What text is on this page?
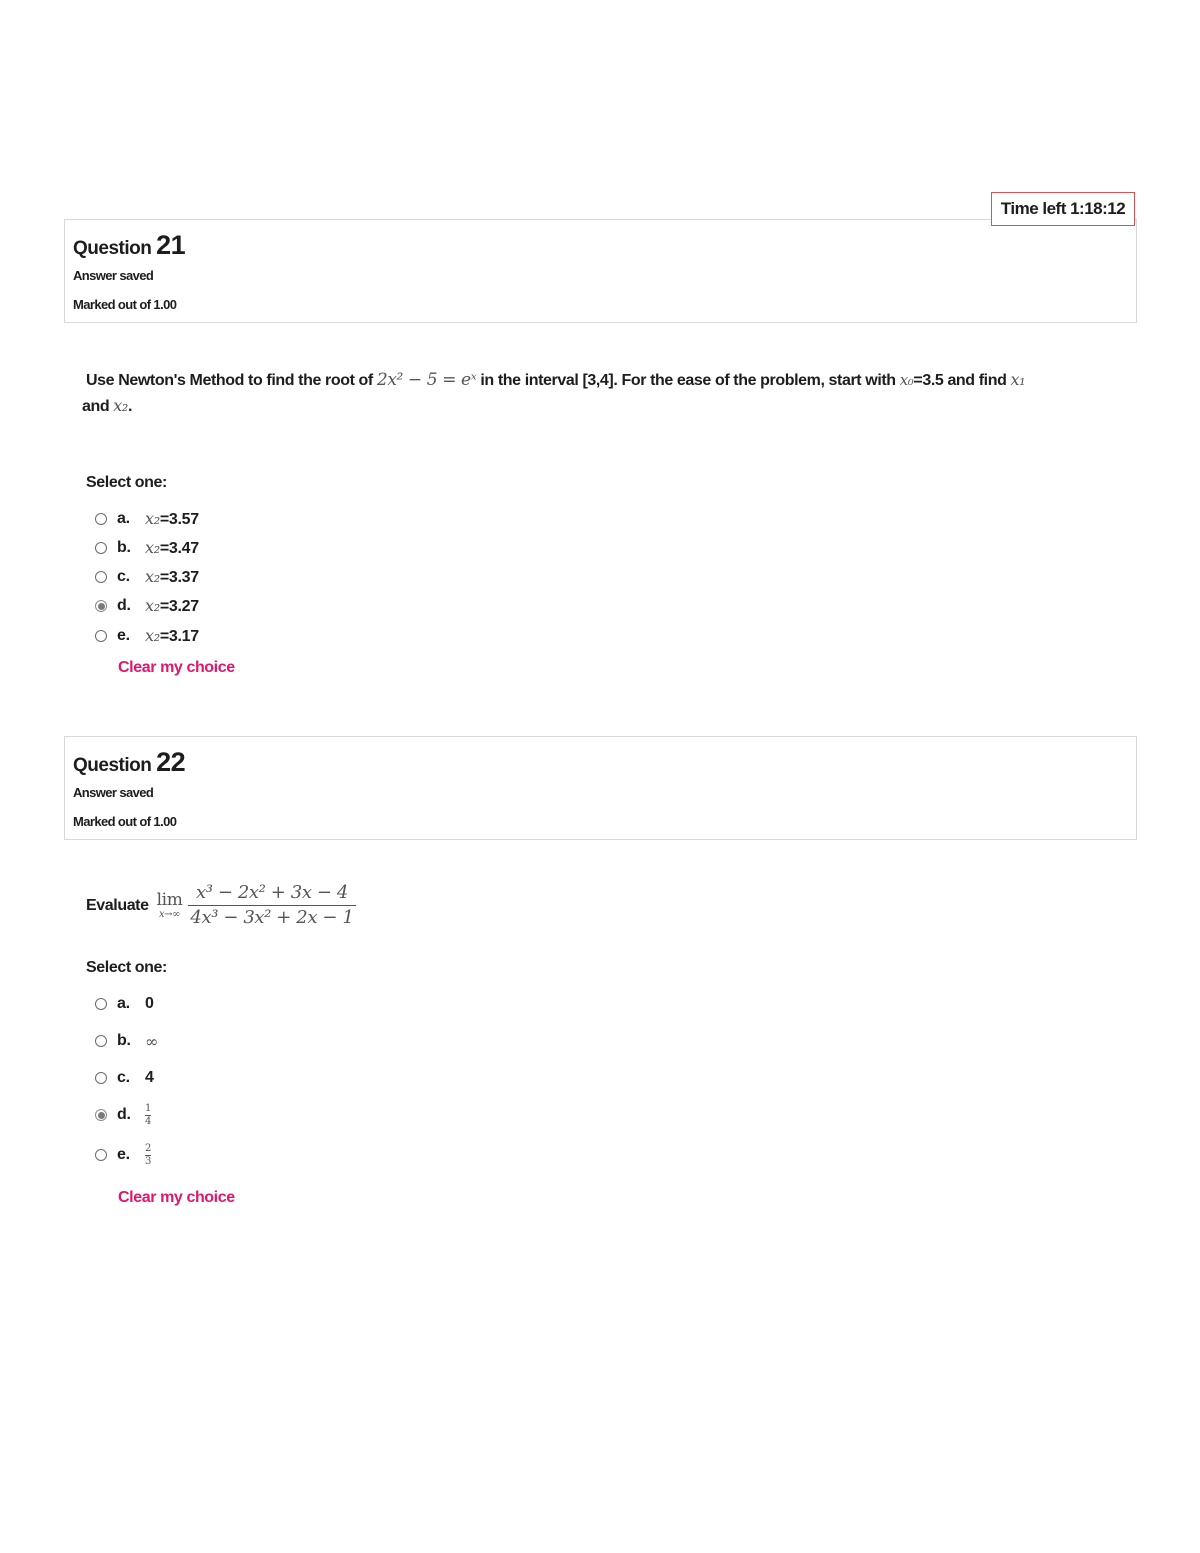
Time left 1:18:12
Question 21
Answer saved
Marked out of 1.00
Use Newton's Method to find the root of 2x² − 5 = eˣ in the interval [3,4]. For the ease of the problem, start with x₀=3.5 and find x₁
and x₂.
Select one:
a. x₂=3.57
b. x₂=3.47
c. x₂=3.37
d. x₂=3.27
e. x₂=3.17
Clear my choice
Question 22
Answer saved
Marked out of 1.00
Evaluate lim
$x\to\infty \frac{\text{x³ − 2x² + 3x − 4}}{\text{4x³ − 3x² + 2x − 1}}$
Select one:
a. 0
b. ∞
c. 4
d.	$\frac{1}{4}$
e.	$\frac{2}{3}$
Clear my choice
